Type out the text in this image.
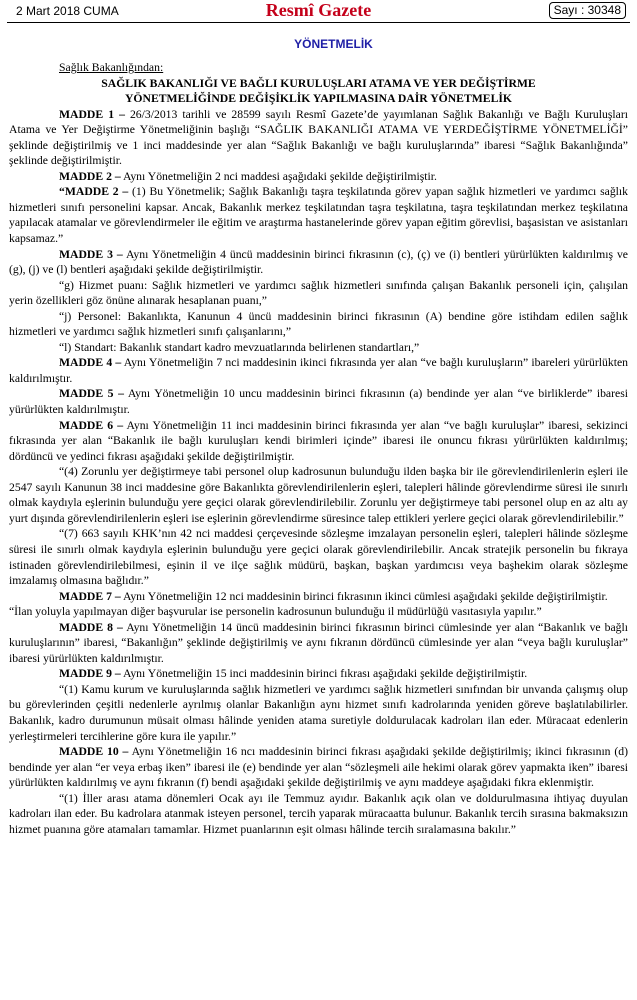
2 Mart 2018 CUMA	Resmî Gazete	Sayı : 30348
YÖNETMELİK

Sağlık Bakanlığından:

SAĞLIK BAKANLIĞI VE BAĞLI KURULUŞLARI ATAMA VE YER DEĞİŞTİRME

YÖNETMELİĞİNDE DEĞİŞİKLİK YAPILMASINA DAİR YÖNETMELİK

MADDE 1 – 26/3/2013 tarihli ve 28599 sayılı Resmî Gazete’de yayımlanan Sağlık Bakanlığı ve Bağlı Kuruluşları Atama ve Yer Değiştirme Yönetmeliğinin başlığı “SAĞLIK BAKANLIĞI ATAMA VE YERDEĞİŞTİRME YÖNETMELİĞİ” şeklinde değiştirilmiş ve 1 inci maddesinde yer alan “Sağlık Bakanlığı ve bağlı kuruluşlarında” ibaresi “Sağlık Bakanlığında” şeklinde değiştirilmiştir.

MADDE 2 – Aynı Yönetmeliğin 2 nci maddesi aşağıdaki şekilde değiştirilmiştir.

“MADDE 2 – (1) Bu Yönetmelik; Sağlık Bakanlığı taşra teşkilatında görev yapan sağlık hizmetleri ve yardımcı sağlık hizmetleri sınıfı personelini kapsar. Ancak, Bakanlık merkez teşkilatından taşra teşkilatına, taşra teşkilatından merkez teşkilatına yapılacak atamalar ve görevlendirmeler ile eğitim ve araştırma hastanelerinde görev yapan eğitim görevlisi, başasistan ve asistanları kapsamaz.”

MADDE 3 – Aynı Yönetmeliğin 4 üncü maddesinin birinci fıkrasının (c), (ç) ve (i) bentleri yürürlükten kaldırılmış ve (g), (j) ve (l) bentleri aşağıdaki şekilde değiştirilmiştir.

“g) Hizmet puanı: Sağlık hizmetleri ve yardımcı sağlık hizmetleri sınıfında çalışan Bakanlık personeli için, çalışılan yerin özellikleri göz önüne alınarak hesaplanan puanı,”

“j) Personel: Bakanlıkta, Kanunun 4 üncü maddesinin birinci fıkrasının (A) bendine göre istihdam edilen sağlık hizmetleri ve yardımcı sağlık hizmetleri sınıfı çalışanlarını,”

“l) Standart: Bakanlık standart kadro mevzuatlarında belirlenen standartları,”

MADDE 4 – Aynı Yönetmeliğin 7 nci maddesinin ikinci fıkrasında yer alan “ve bağlı kuruluşların” ibareleri yürürlükten kaldırılmıştır.

MADDE 5 – Aynı Yönetmeliğin 10 uncu maddesinin birinci fıkrasının (a) bendinde yer alan “ve birliklerde” ibaresi yürürlükten kaldırılmıştır.

MADDE 6 – Aynı Yönetmeliğin 11 inci maddesinin birinci fıkrasında yer alan “ve bağlı kuruluşlar” ibaresi, sekizinci fıkrasında yer alan “Bakanlık ile bağlı kuruluşları kendi birimleri içinde” ibaresi ile onuncu fıkrası yürürlükten kaldırılmış; dördüncü ve yedinci fıkrası aşağıdaki şekilde değiştirilmiştir.

“(4) Zorunlu yer değiştirmeye tabi personel olup kadrosunun bulunduğu ilden başka bir ile görevlendirilenlerin eşleri ile 2547 sayılı Kanunun 38 inci maddesine göre Bakanlıkta görevlendirilenlerin eşleri, talepleri hâlinde görevlendirme süresi ile sınırlı olmak kaydıyla eşlerinin bulunduğu yere geçici olarak görevlendirilebilir. Zorunlu yer değiştirmeye tabi personel olup en az altı ay yurt dışında görevlendirilenlerin eşleri ise eşlerinin görevlendirme süresince talep ettikleri yerlere geçici olarak görevlendirilebilir.”

“(7) 663 sayılı KHK’nın 42 nci maddesi çerçevesinde sözleşme imzalayan personelin eşleri, talepleri hâlinde sözleşme süresi ile sınırlı olmak kaydıyla eşlerinin bulunduğu yere geçici olarak görevlendirilebilir. Ancak stratejik personelin bu fıkraya istinaden görevlendirilebilmesi, eşinin il ve ilçe sağlık müdürü, başkan, başkan yardımcısı veya başhekim olarak sözleşme imzalamış olmasına bağlıdır.”

MADDE 7 – Aynı Yönetmeliğin 12 nci maddesinin birinci fıkrasının ikinci cümlesi aşağıdaki şekilde değiştirilmiştir.

“İlan yoluyla yapılmayan diğer başvurular ise personelin kadrosunun bulunduğu il müdürlüğü vasıtasıyla yapılır.”

MADDE 8 – Aynı Yönetmeliğin 14 üncü maddesinin birinci fıkrasının birinci cümlesinde yer alan “Bakanlık ve bağlı kuruluşlarının” ibaresi, “Bakanlığın” şeklinde değiştirilmiş ve aynı fıkranın dördüncü cümlesinde yer alan “veya bağlı kuruluşlar” ibaresi yürürlükten kaldırılmıştır.

MADDE 9 – Aynı Yönetmeliğin 15 inci maddesinin birinci fıkrası aşağıdaki şekilde değiştirilmiştir.

“(1) Kamu kurum ve kuruluşlarında sağlık hizmetleri ve yardımcı sağlık hizmetleri sınıfından bir unvanda çalışmış olup bu görevlerinden çeşitli nedenlerle ayrılmış olanlar Bakanlığın aynı hizmet sınıfı kadrolarında yeniden göreve başlatılabilirler. Bakanlık, kadro durumunun müsait olması hâlinde yeniden atama suretiyle doldurulacak kadroları ilan eder. Müracaat edenlerin yerleştirmeleri tercihlerine göre kura ile yapılır.”

MADDE 10 – Aynı Yönetmeliğin 16 ncı maddesinin birinci fıkrası aşağıdaki şekilde değiştirilmiş; ikinci fıkrasının (d) bendinde yer alan “er veya erbaş iken” ibaresi ile (e) bendinde yer alan “sözleşmeli aile hekimi olarak görev yapmakta iken” ibaresi yürürlükten kaldırılmış ve aynı fıkranın (f) bendi aşağıdaki şekilde değiştirilmiş ve aynı maddeye aşağıdaki fıkra eklenmiştir.

“(1) İller arası atama dönemleri Ocak ayı ile Temmuz ayıdır. Bakanlık açık olan ve doldurulmasına ihtiyaç duyulan kadroları ilan eder. Bu kadrolara atanmak isteyen personel, tercih yaparak müracaatta bulunur. Bakanlık tercih sırasına bakmaksızın hizmet puanına göre atamaları tamamlar. Hizmet puanlarının eşit olması hâlinde tercih sıralamasına bakılır.”
